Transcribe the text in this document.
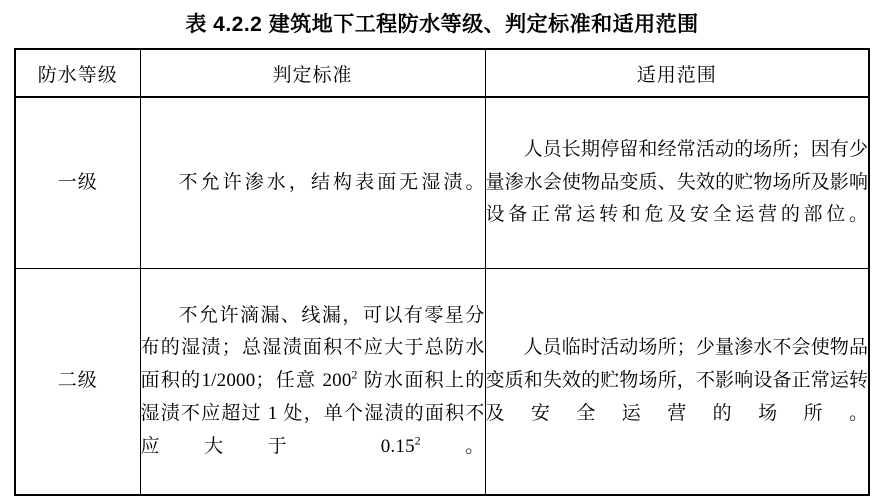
表 4.2.2 建筑地下工程防水等级、判定标准和适用范围
防水等级	判定标准	适用范围
一级	不允许渗水，结构表面无湿渍。	人员长期停留和经常活动的场所；因有少量渗水会使物品变质、失效的贮物场所及影响设备正常运转和危及安全运营的部位。
二级	不允许滴漏、线漏，可以有零星分布的湿渍；总湿渍面积不应大于总防水面积的1/2000；任意 $200^2$ 防水面积上的湿渍不应超过 1 处，单个湿渍的面积不应大于 0.15$^2$。	人员临时活动场所；少量渗水不会使物品变质和失效的贮物场所，不影响设备正常运转及安全运营的场所。
